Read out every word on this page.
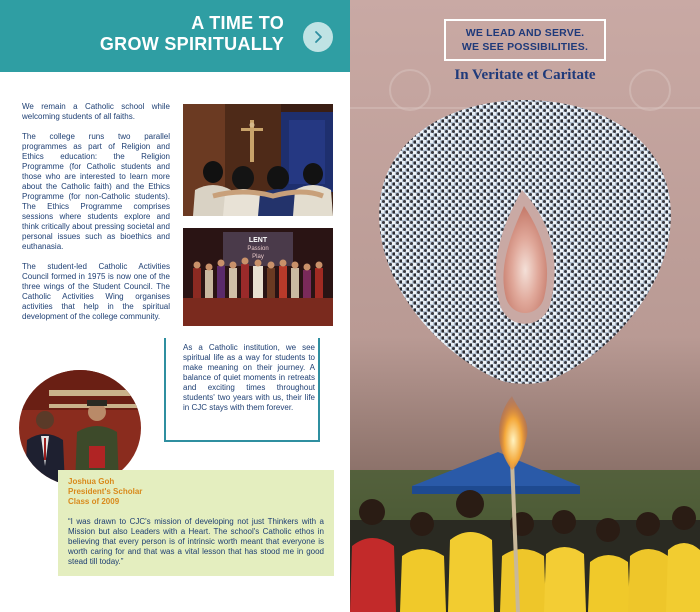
A TIME TO
GROW SPIRITUALLY

We remain a Catholic school while welcoming students of all faiths.

The college runs two parallel programmes as part of Religion and Ethics education: the Religion Programme (for Catholic students and those who are interested to learn more about the Catholic faith) and the Ethics Programme (for non-Catholic students). The Ethics Programme comprises sessions where students explore and think critically about pressing societal and personal issues such as bioethics and euthanasia.

The student-led Catholic Activities Council formed in 1975 is now one of the three wings of the Student Council. The Catholic Activities Wing organises activities that help in the spiritual development of the college community.

LENT
Passion
Play
As a Catholic institution, we see spiritual life as a way for students to make meaning on their journey. A balance of quiet moments in retreats and exciting times throughout students' two years with us, their life in CJC stays with them forever.
Joshua Goh
President's Scholar
Class of 2009
“I was drawn to CJC's mission of developing not just Thinkers with a Mission but also Leaders with a Heart. The school's Catholic ethos in believing that every person is of intrinsic worth meant that everyone is worth caring for and that was a vital lesson that has stood me in good stead till today.”
WE LEAD AND SERVE.
WE SEE POSSIBILITIES.
In Veritate et Caritate
